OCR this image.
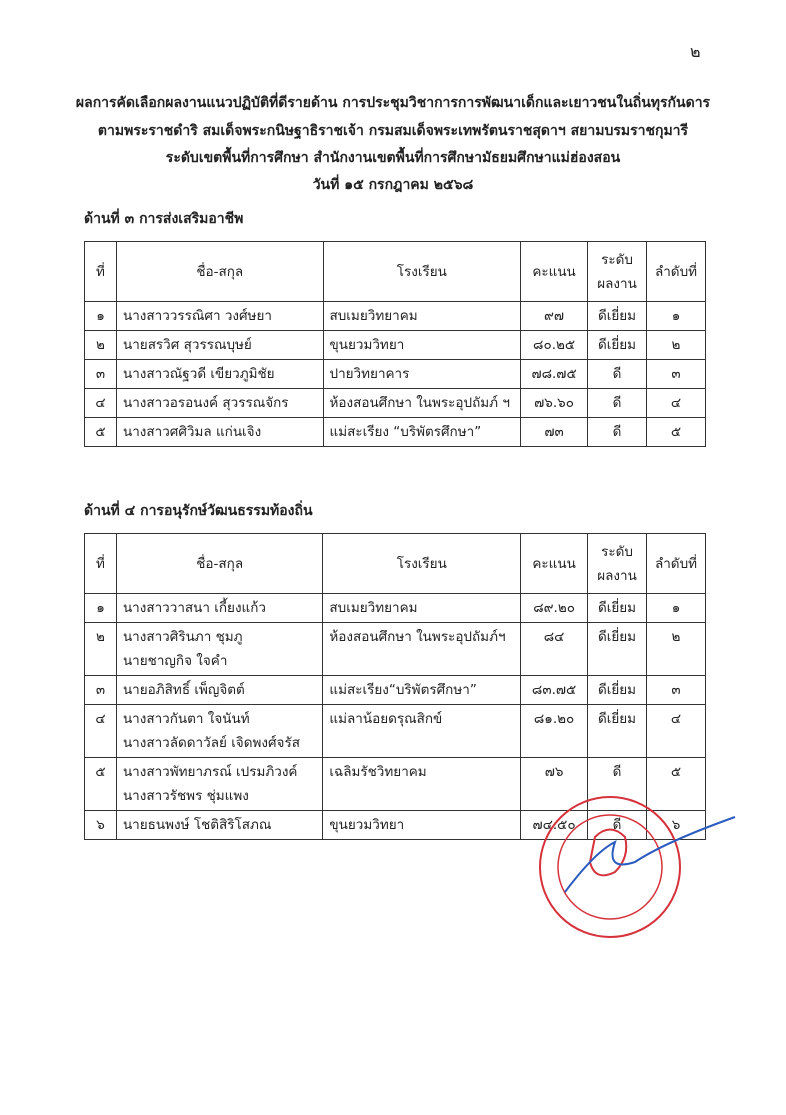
๒
ผลการคัดเลือกผลงานแนวปฏิบัติที่ดีรายด้าน การประชุมวิชาการการพัฒนาเด็กและเยาวชนในถิ่นทุรกันดาร
ตามพระราชดำริ สมเด็จพระกนิษฐาธิราชเจ้า กรมสมเด็จพระเทพรัตนราชสุดาฯ สยามบรมราชกุมารี
ระดับเขตพื้นที่การศึกษา สำนักงานเขตพื้นที่การศึกษามัธยมศึกษาแม่ฮ่องสอน
วันที่ ๑๕ กรกฎาคม ๒๕๖๘
ด้านที่ ๓ การส่งเสริมอาชีพ
ที่	ชื่อ-สกุล	โรงเรียน	คะแนน	ระดับ ผลงาน	ลำดับที่
๑	นางสาววรรณิศา วงศ์ษยา	สบเมยวิทยาคม	๙๗	ดีเยี่ยม	๑
๒	นายสรวิศ สุวรรณบุษย์	ขุนยวมวิทยา	๘๐.๒๕	ดีเยี่ยม	๒
๓	นางสาวณัฐวดี เขียวภูมิชัย	ปายวิทยาคาร	๗๘.๗๕	ดี	๓
๔	นางสาวอรอนงค์ สุวรรณจักร	ห้องสอนศึกษา ในพระอุปถัมภ์ ฯ	๗๖.๖๐	ดี	๔
๕	นางสาวศศิวิมล แก่นเจิง	แม่สะเรียง “บริพัตรศึกษา”	๗๓	ดี	๕
ด้านที่ ๔ การอนุรักษ์วัฒนธรรมท้องถิ่น
ที่	ชื่อ-สกุล	โรงเรียน	คะแนน	ระดับ ผลงาน	ลำดับที่
๑	นางสาววาสนา เกี้ยงแก้ว	สบเมยวิทยาคม	๘๙.๒๐	ดีเยี่ยม	๑
๒	นางสาวศิรินภา ชุมภู
นายชาญกิจ ใจคำ	ห้องสอนศึกษา ในพระอุปถัมภ์ฯ	๘๔	ดีเยี่ยม	๒
๓	นายอภิสิทธิ์ เพ็ญจิตต์	แม่สะเรียง“บริพัตรศึกษา”	๘๓.๗๕	ดีเยี่ยม	๓
๔	นางสาวกันตา ใจนันท์
นางสาวลัดดาวัลย์ เจิดพงศ์จรัส	แม่ลาน้อยดรุณสิกข์	๘๑.๒๐	ดีเยี่ยม	๔
๕	นางสาวพัทยาภรณ์ เปรมภิวงค์
นางสาวรัชพร ชุ่มแพง	เฉลิมรัชวิทยาคม	๗๖	ดี	๕
๖	นายธนพงษ์ โชติสิริโสภณ	ขุนยวมวิทยา	๗๔.๕๐	ดี	๖
